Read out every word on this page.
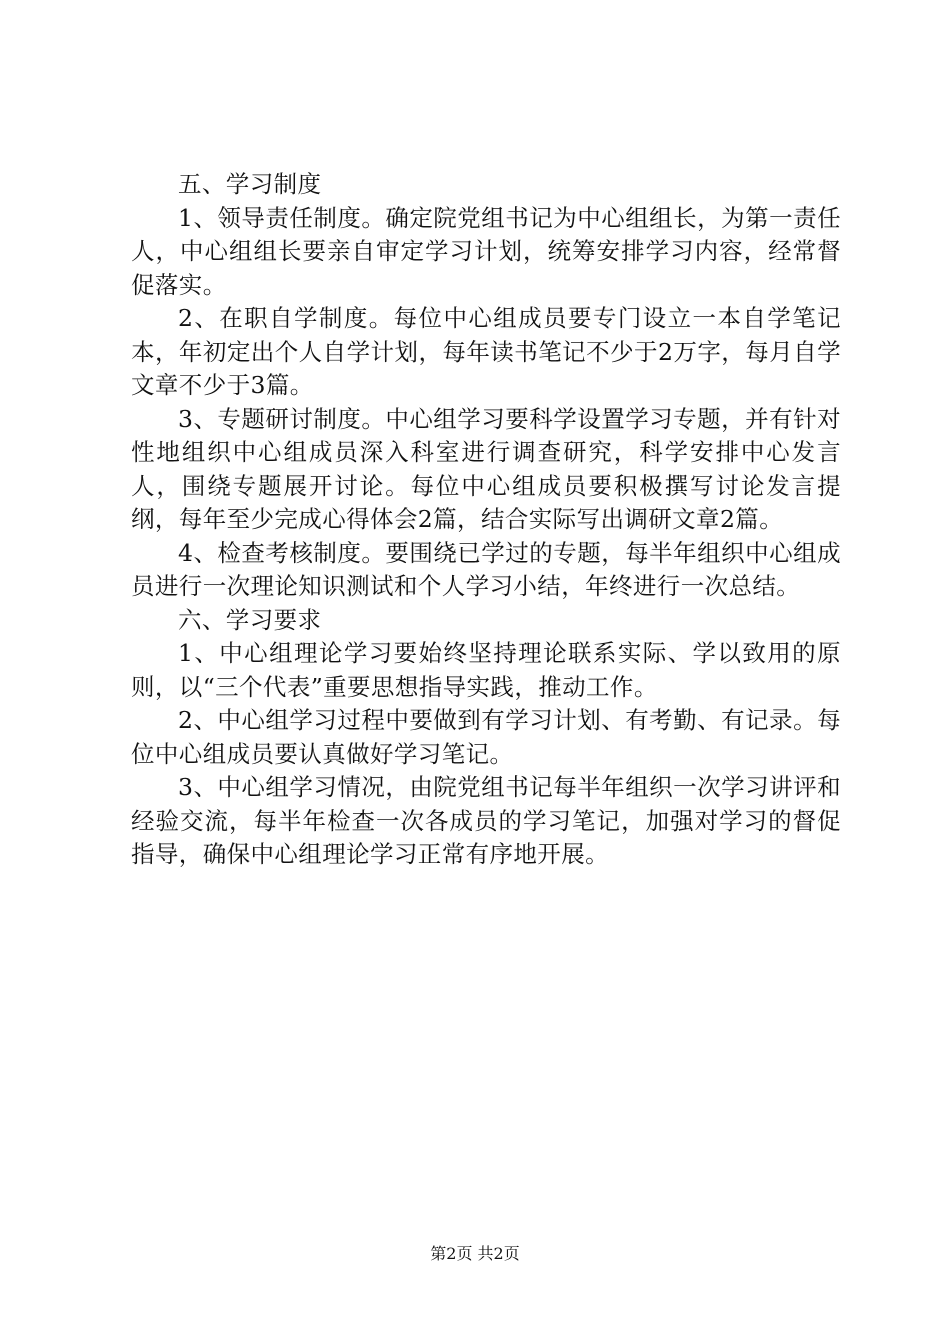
五、学习制度

1、领导责任制度。确定院党组书记为中心组组长，为第一责任人，中心组组长要亲自审定学习计划，统筹安排学习内容，经常督促落实。

2、在职自学制度。每位中心组成员要专门设立一本自学笔记本，年初定出个人自学计划，每年读书笔记不少于2万字，每月自学文章不少于3篇。

3、专题研讨制度。中心组学习要科学设置学习专题，并有针对性地组织中心组成员深入科室进行调查研究，科学安排中心发言人，围绕专题展开讨论。每位中心组成员要积极撰写讨论发言提纲，每年至少完成心得体会2篇，结合实际写出调研文章2篇。

4、检查考核制度。要围绕已学过的专题，每半年组织中心组成员进行一次理论知识测试和个人学习小结，年终进行一次总结。

六、学习要求

1、中心组理论学习要始终坚持理论联系实际、学以致用的原则，以“三个代表”重要思想指导实践，推动工作。

2、中心组学习过程中要做到有学习计划、有考勤、有记录。每位中心组成员要认真做好学习笔记。

3、中心组学习情况，由院党组书记每半年组织一次学习讲评和经验交流，每半年检查一次各成员的学习笔记，加强对学习的督促指导，确保中心组理论学习正常有序地开展。

第2页 共2页
